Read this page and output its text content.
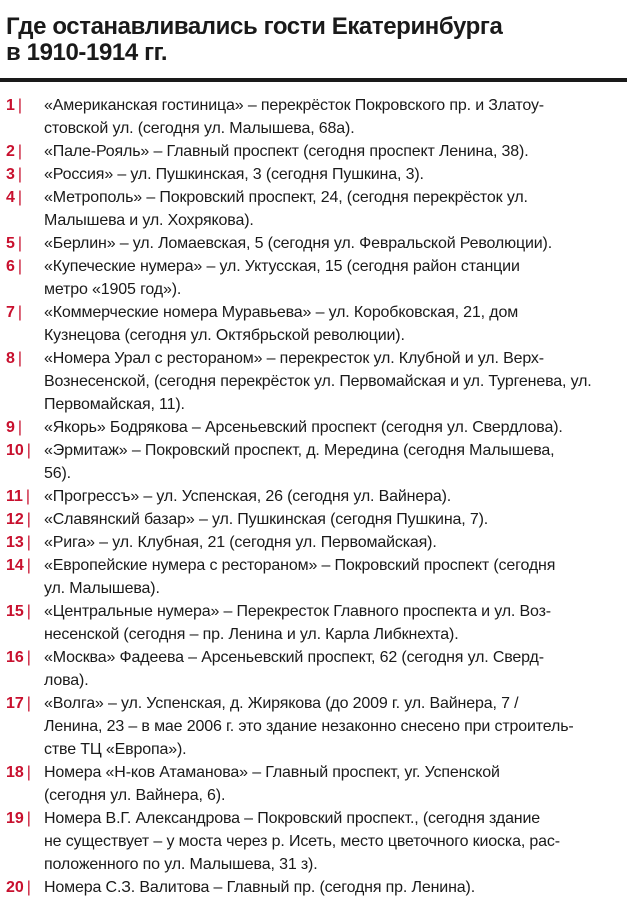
Где останавливались гости Екатеринбурга
в 1910-1914 гг.
1 |	«Американская гостиница» – перекрёсток Покровского пр. и Златоу-
стовской ул. (сегодня ул. Малышева, 68а).
2 |	«Пале-Рояль» – Главный проспект (сегодня проспект Ленина, 38).
3 |	«Россия» – ул. Пушкинская, 3 (сегодня Пушкина, 3).
4 |	«Метрополь» – Покровский проспект, 24, (сегодня перекрёсток ул.
Малышева и ул. Хохрякова).
5 |	«Берлин» – ул. Ломаевская, 5 (сегодня ул. Февральской Революции).
6 |	«Купеческие нумера» – ул. Уктусская, 15 (сегодня район станции
метро «1905 год»).
7 |	«Коммерческие номера Муравьева» – ул. Коробковская, 21, дом
Кузнецова (сегодня ул. Октябрьской революции).
8 |	«Номера Урал с рестораном» – перекресток ул. Клубной и ул. Верх-
Вознесенской, (сегодня перекрёсток ул. Первомайская и ул. Тургенева, ул.
Первомайская, 11).
9 |	«Якорь» Бодрякова – Арсеньевский проспект (сегодня ул. Свердлова).
10 | «Эрмитаж» – Покровский проспект, д. Мередина (сегодня Малышева,
56).
11 | «Прогрессъ» – ул. Успенская, 26 (сегодня ул. Вайнера).
12 | «Славянский базар» – ул. Пушкинская (сегодня Пушкина, 7).
13 | «Рига» – ул. Клубная, 21 (сегодня ул. Первомайская).
14 | «Европейские нумера с рестораном» – Покровский проспект (сегодня
ул. Малышева).
15 | «Центральные нумера» – Перекресток Главного проспекта и ул. Воз-
несенской (сегодня – пр. Ленина и ул. Карла Либкнехта).
16 | «Москва» Фадеева – Арсеньевский проспект, 62 (сегодня ул. Сверд-
лова).
17 | «Волга» – ул. Успенская, д. Жирякова (до 2009 г. ул. Вайнера, 7 /
Ленина, 23 – в мае 2006 г. это здание незаконно снесено при строитель-
стве ТЦ «Европа»).
18 | Номера «Н-ков Атаманова» – Главный проспект, уг. Успенской
(сегодня ул. Вайнера, 6).
19 | Номера В.Г. Александрова – Покровский проспект., (сегодня здание
не существует – у моста через р. Исеть, место цветочного киоска, рас-
положенного по ул. Малышева, 31 з).
20 | Номера С.З. Валитова – Главный пр. (сегодня пр. Ленина).
